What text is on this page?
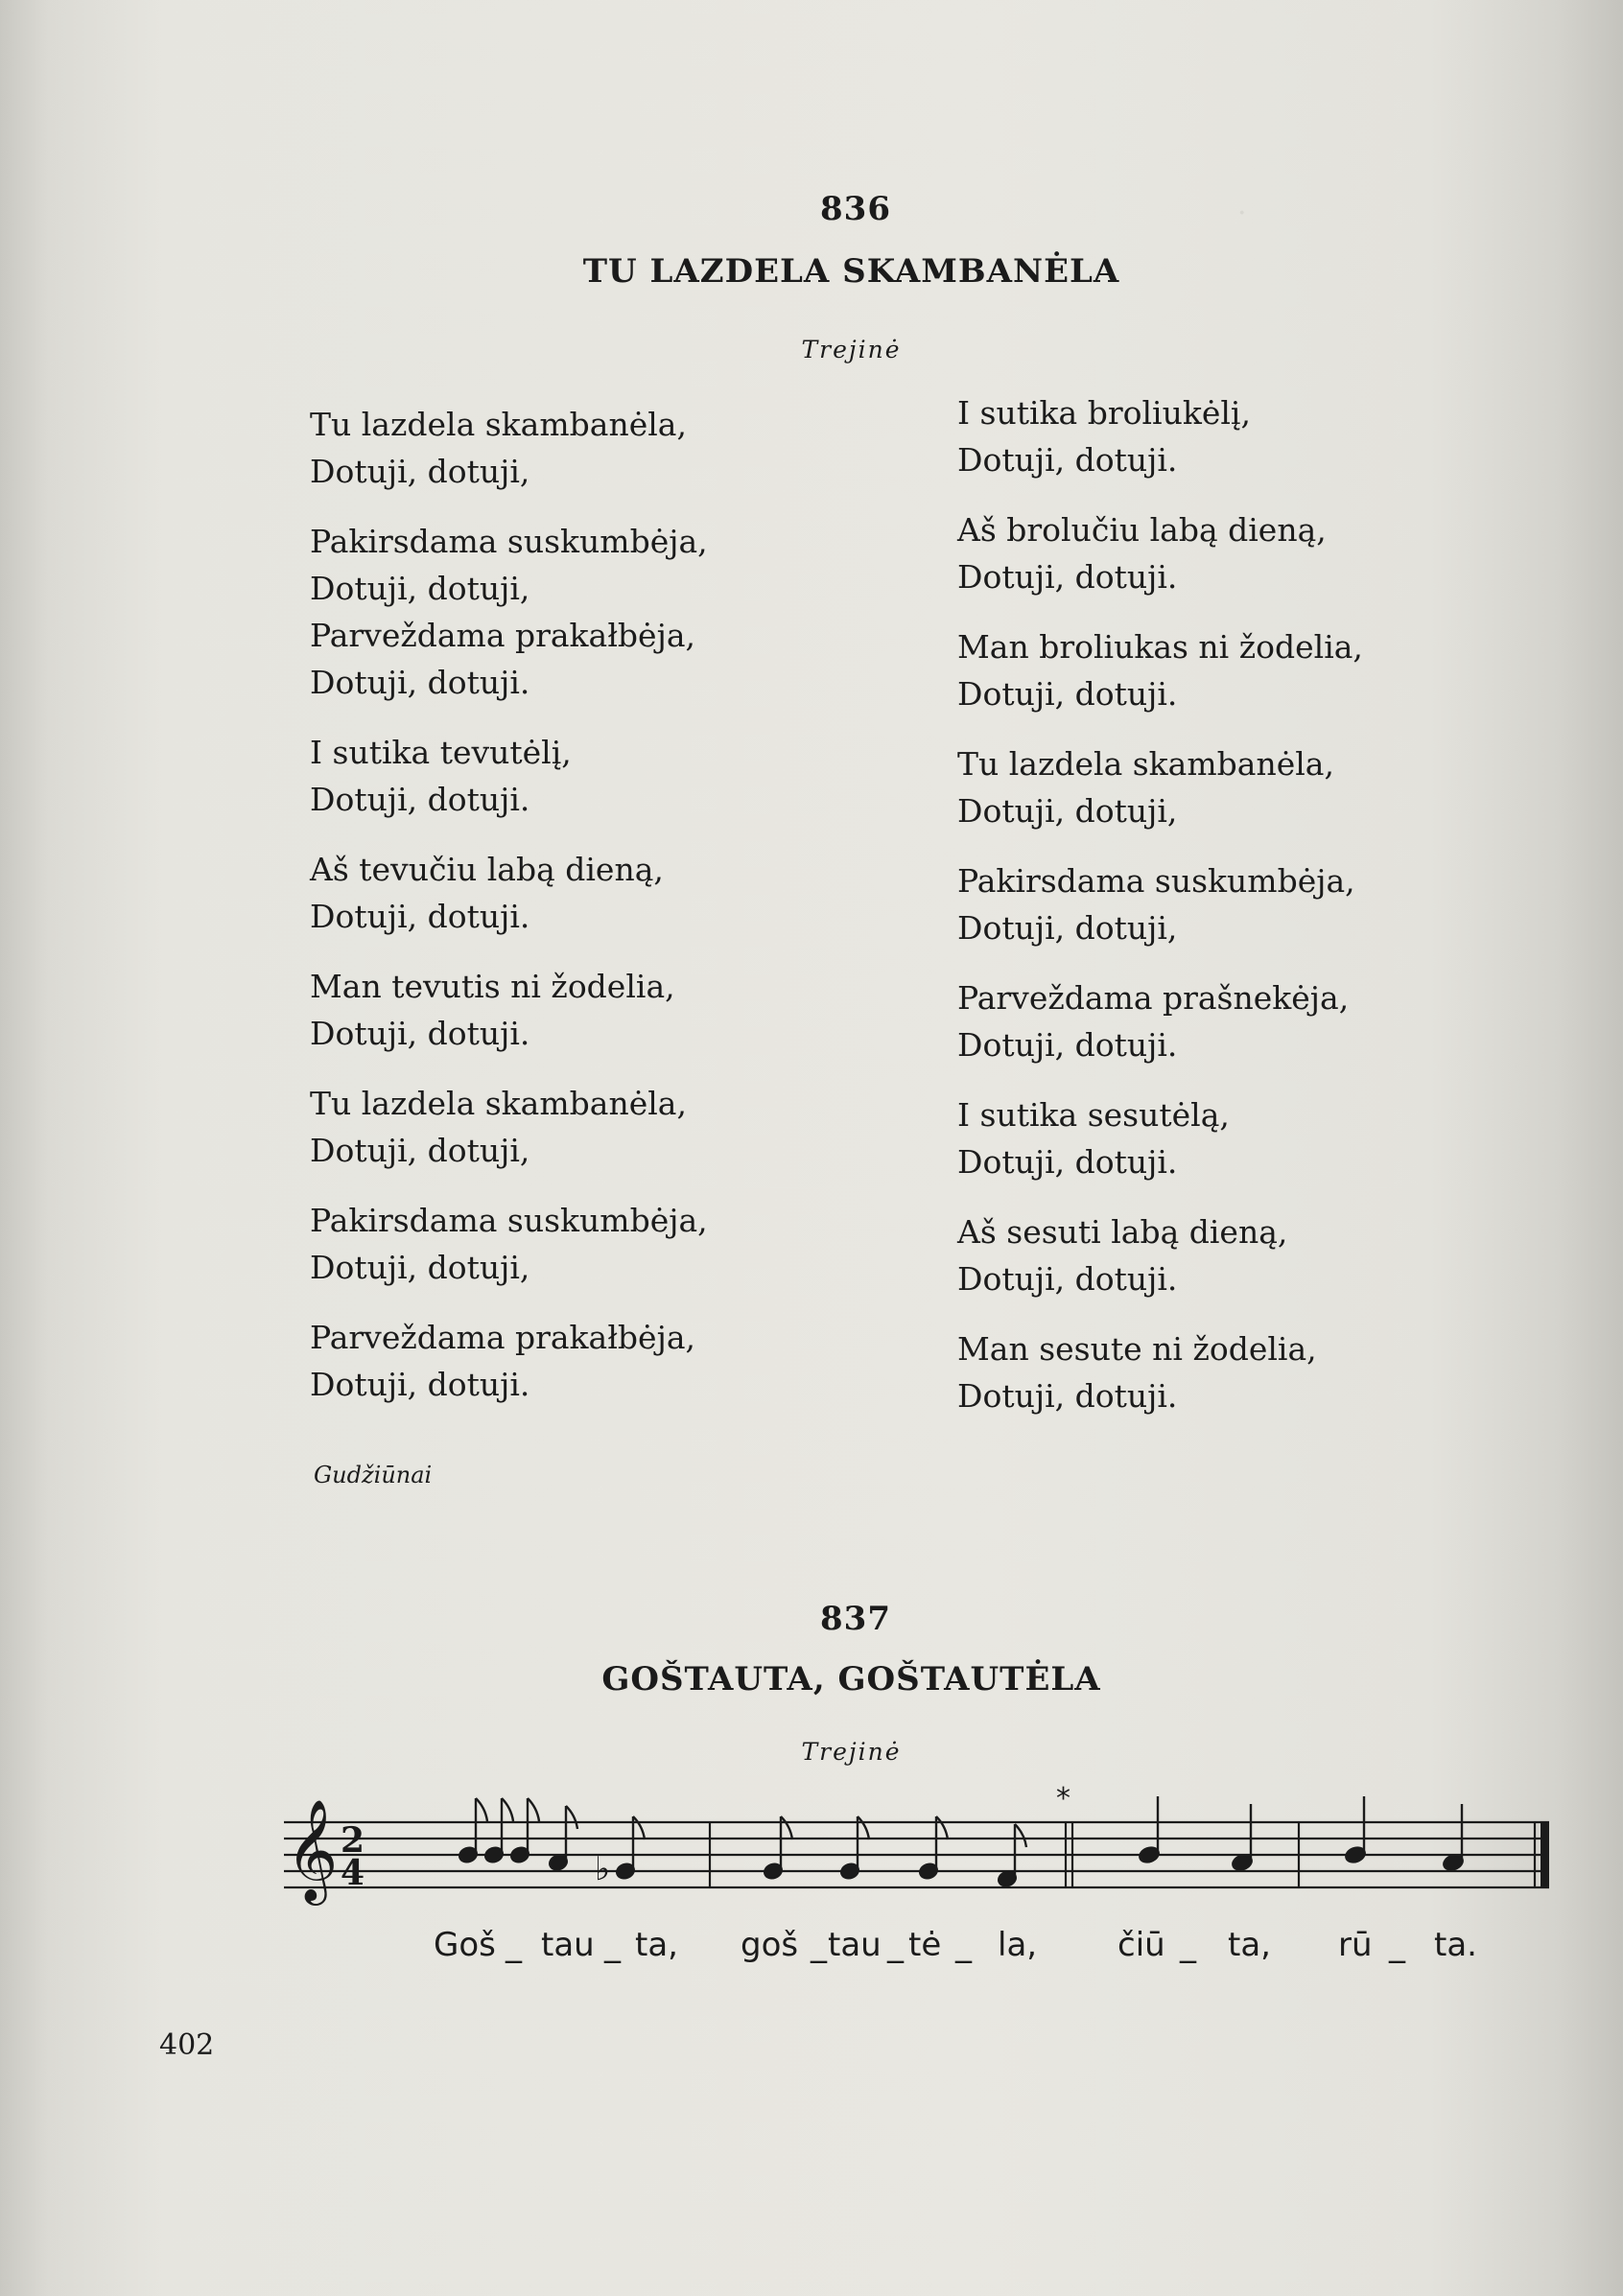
·
836
TU LAZDELA SKAMBANĖLA
Trejinė
Tu lazdela skambanėla,
Dotuji, dotuji,
Pakirsdama suskumbėja,
Dotuji, dotuji,
Parveždama prakałbėja,
Dotuji, dotuji.
I sutika tevutėlį,
Dotuji, dotuji.
Aš tevučiu labą dieną,
Dotuji, dotuji.
Man tevutis ni žodelia,
Dotuji, dotuji.
Tu lazdela skambanėla,
Dotuji, dotuji,
Pakirsdama suskumbėja,
Dotuji, dotuji,
Parveždama prakałbėja,
Dotuji, dotuji.
I sutika broliukėlį,
Dotuji, dotuji.
Aš brolučiu labą dieną,
Dotuji, dotuji.
Man broliukas ni žodelia,
Dotuji, dotuji.
Tu lazdela skambanėla,
Dotuji, dotuji,
Pakirsdama suskumbėja,
Dotuji, dotuji,
Parveždama prašnekėja,
Dotuji, dotuji.
I sutika sesutėlą,
Dotuji, dotuji.
Aš sesuti labą dieną,
Dotuji, dotuji.
Man sesute ni žodelia,
Dotuji, dotuji.
Gudžiūnai
837
GOŠTAUTA, GOŠTAUTĖLA
Trejinė
𝄞 2
4	♭
*
Goš _ tau _ ta, goš _ tau _ tė _ la, čiū _ ta, rū _ ta.
402
